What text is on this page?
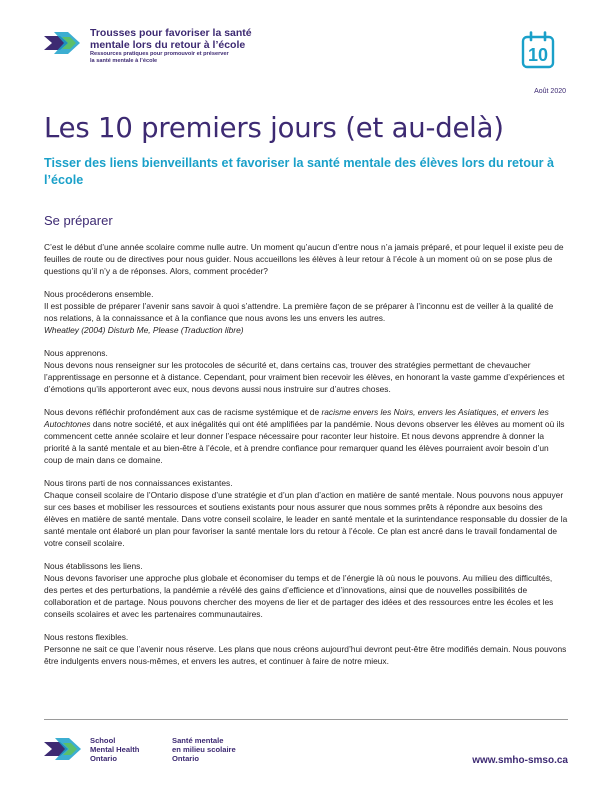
Trousses pour favoriser la santé
mentale lors du retour à l’école
Ressources pratiques pour promouvoir et préserver
la santé mentale à l’école	10
Août 2020
Les 10 premiers jours (et au-delà)

Tisser des liens bienveillants et favoriser la santé mentale des élèves lors du retour à l’école

Se préparer

C’est le début d’une année scolaire comme nulle autre. Un moment qu’aucun d’entre nous n’a jamais préparé, et pour lequel il existe peu de feuilles de route ou de directives pour nous guider. Nous accueillons les élèves à leur retour à l’école à un moment où on se pose plus de questions qu’il n’y a de réponses. Alors, comment procéder?

Nous procéderons ensemble.
Il est possible de préparer l’avenir sans savoir à quoi s’attendre. La première façon de se préparer à l’inconnu est de veiller à la qualité de nos relations, à la connaissance et à la confiance que nous avons les uns envers les autres.
Wheatley (2004) Disturb Me, Please (Traduction libre)

Nous apprenons.
Nous devons nous renseigner sur les protocoles de sécurité et, dans certains cas, trouver des stratégies permettant de chevaucher l’apprentissage en personne et à distance. Cependant, pour vraiment bien recevoir les élèves, en honorant la vaste gamme d’expériences et d’émotions qu’ils apporteront avec eux, nous devons aussi nous instruire sur d’autres choses.

Nous devons réfléchir profondément aux cas de racisme systémique et de racisme envers les Noirs, envers les Asiatiques, et envers les Autochtones dans notre société, et aux inégalités qui ont été amplifiées par la pandémie. Nous devons observer les élèves au moment où ils commencent cette année scolaire et leur donner l’espace nécessaire pour raconter leur histoire. Et nous devons apprendre à donner la priorité à la santé mentale et au bien-être à l’école, et à prendre confiance pour remarquer quand les élèves pourraient avoir besoin d’un coup de main dans ce domaine.

Nous tirons parti de nos connaissances existantes.
Chaque conseil scolaire de l’Ontario dispose d’une stratégie et d’un plan d’action en matière de santé mentale. Nous pouvons nous appuyer sur ces bases et mobiliser les ressources et soutiens existants pour nous assurer que nous sommes prêts à répondre aux besoins des élèves en matière de santé mentale. Dans votre conseil scolaire, le leader en santé mentale et la surintendance responsable du dossier de la santé mentale ont élaboré un plan pour favoriser la santé mentale lors du retour à l’école. Ce plan est ancré dans le travail fondamental de votre conseil scolaire.

Nous établissons les liens.
Nous devons favoriser une approche plus globale et économiser du temps et de l’énergie là où nous le pouvons. Au milieu des difficultés, des pertes et des perturbations, la pandémie a révélé des gains d’efficience et d’innovations, ainsi que de nouvelles possibilités de collaboration et de partage. Nous pouvons chercher des moyens de lier et de partager des idées et des ressources entre les écoles et les conseils scolaires et avec les partenaires communautaires.

Nous restons flexibles.
Personne ne sait ce que l’avenir nous réserve. Les plans que nous créons aujourd’hui devront peut-être être modifiés demain. Nous pouvons être indulgents envers nous-mêmes, et envers les autres, et continuer à faire de notre mieux.

School
Mental Health
Ontario
Santé mentale
en milieu scolaire
Ontario	www.smho-smso.ca
